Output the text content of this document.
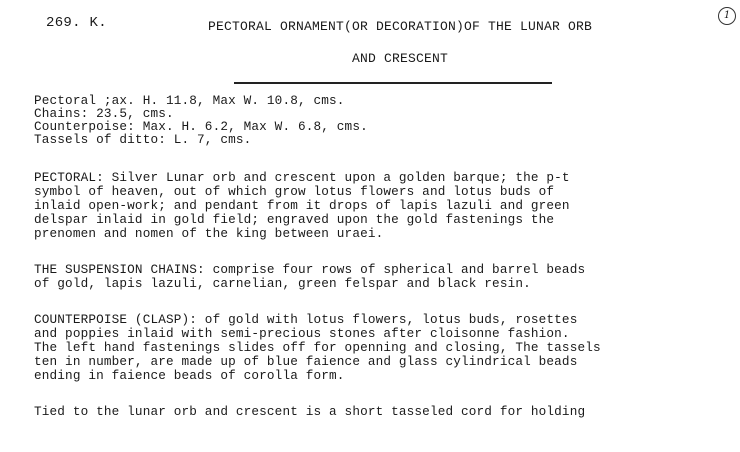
269. K.	PECTORAL ORNAMENT(OR DECORATION)OF THE LUNAR ORB
AND CRESCENT
1
Pectoral ;ax. H. 11.8, Max W. 10.8, cms.
Chains: 23.5, cms.
Counterpoise: Max. H. 6.2, Max W. 6.8, cms.
Tassels of ditto: L. 7, cms.
PECTORAL: Silver Lunar orb and crescent upon a golden barque; the p-t
symbol of heaven, out of which grow lotus flowers and lotus buds of
inlaid open-work; and pendant from it drops of lapis lazuli and green
delspar inlaid in gold field; engraved upon the gold fastenings the
prenomen and nomen of the king between uraei.
THE SUSPENSION CHAINS: comprise four rows of spherical and barrel beads
of gold, lapis lazuli, carnelian, green felspar and black resin.
COUNTERPOISE (CLASP): of gold with lotus flowers, lotus buds, rosettes
and poppies inlaid with semi-precious stones after cloisonne fashion.
The left hand fastenings slides off for openning and closing, The tassels
ten in number, are made up of blue faience and glass cylindrical beads
ending in faience beads of corolla form.
Tied to the lunar orb and crescent is a short tasseled cord for holding
